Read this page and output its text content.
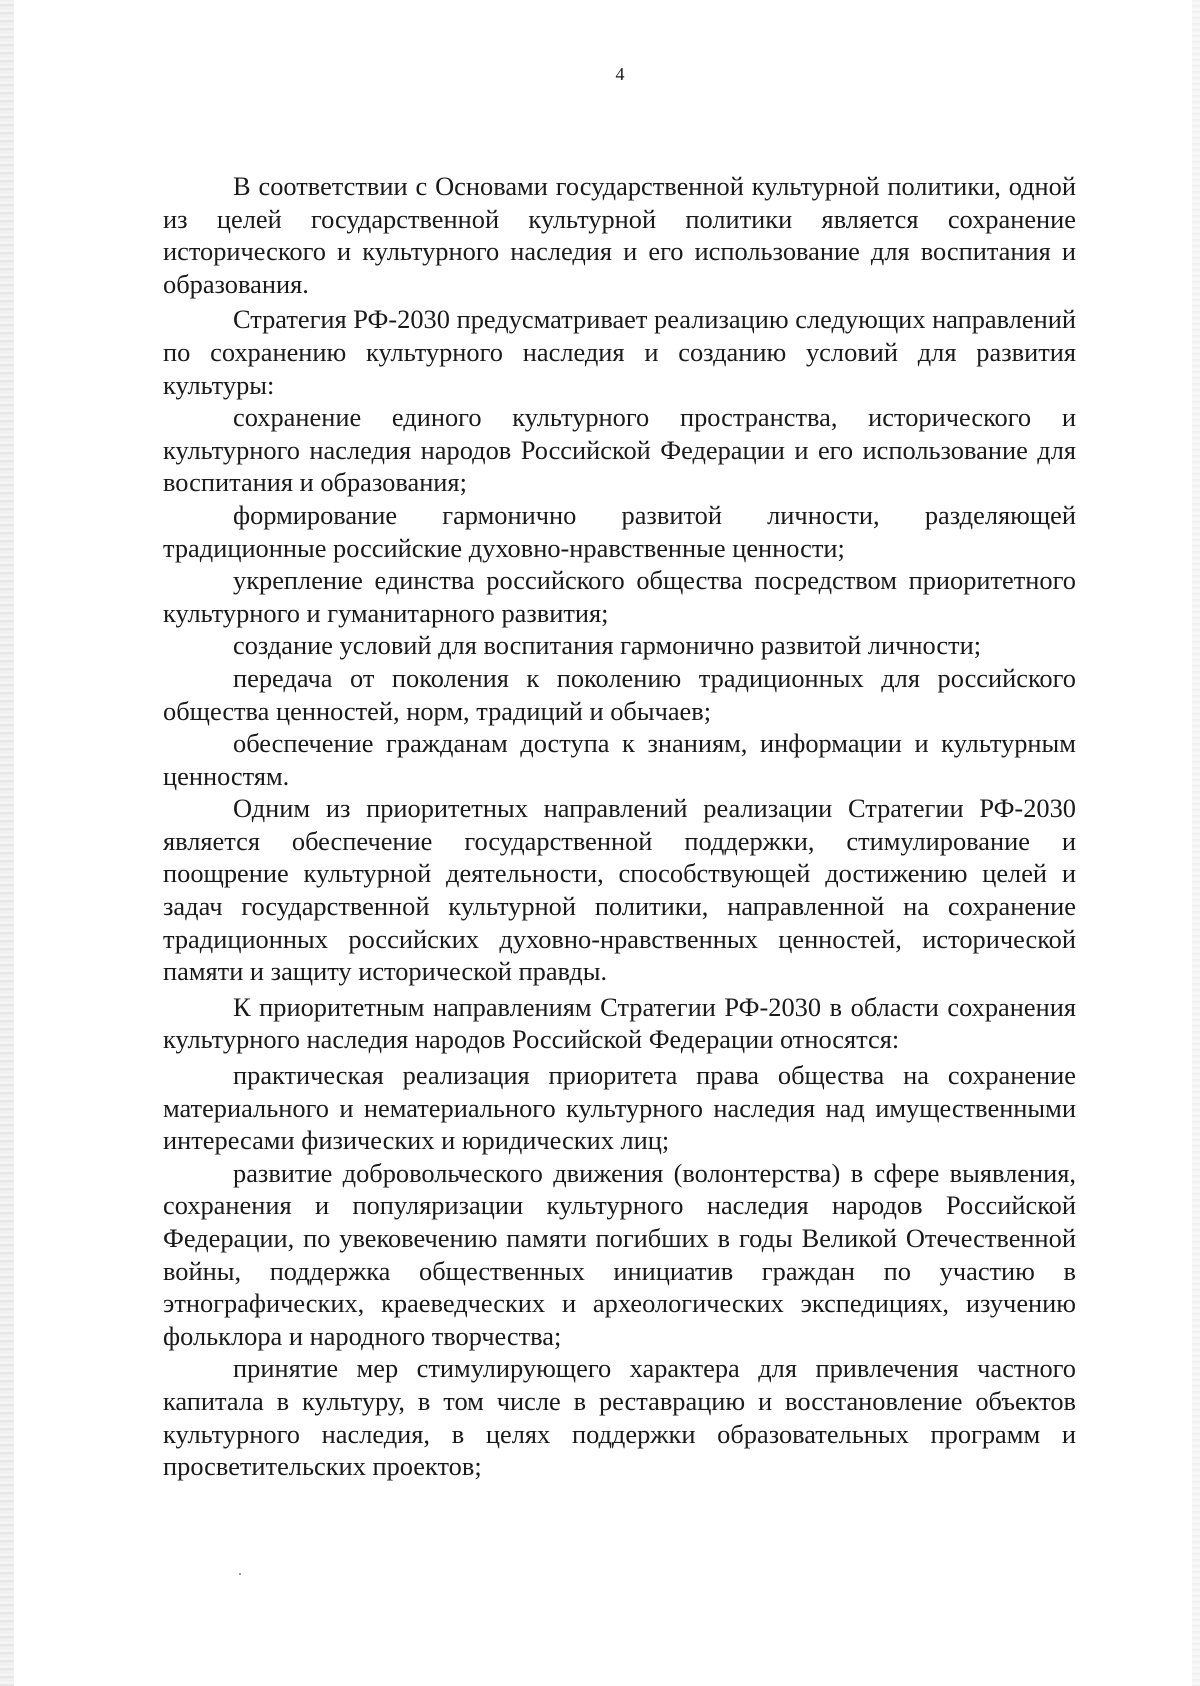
4

В соответствии с Основами государственной культурной политики, одной из целей государственной культурной политики является сохранение исторического и культурного наследия и его использование для воспитания и образования.

Стратегия РФ-2030 предусматривает реализацию следующих направлений по сохранению культурного наследия и созданию условий для развития культуры:

сохранение единого культурного пространства, исторического и культурного наследия народов Российской Федерации и его использование для воспитания и образования;

формирование гармонично развитой личности, разделяющей традиционные российские духовно-нравственные ценности;

укрепление единства российского общества посредством приоритетного культурного и гуманитарного развития;

создание условий для воспитания гармонично развитой личности;

передача от поколения к поколению традиционных для российского общества ценностей, норм, традиций и обычаев;

обеспечение гражданам доступа к знаниям, информации и культурным ценностям.

Одним из приоритетных направлений реализации Стратегии РФ-2030 является обеспечение государственной поддержки, стимулирование и поощрение культурной деятельности, способствующей достижению целей и задач государственной культурной политики, направленной на сохранение традиционных российских духовно-нравственных ценностей, исторической памяти и защиту исторической правды.

К приоритетным направлениям Стратегии РФ-2030 в области сохранения культурного наследия народов Российской Федерации относятся:

практическая реализация приоритета права общества на сохранение материального и нематериального культурного наследия над имущественными интересами физических и юридических лиц;

развитие добровольческого движения (волонтерства) в сфере выявления, сохранения и популяризации культурного наследия народов Российской Федерации, по увековечению памяти погибших в годы Великой Отечественной войны, поддержка общественных инициатив граждан по участию в этнографических, краеведческих и археологических экспедициях, изучению фольклора и народного творчества;

принятие мер стимулирующего характера для привлечения частного капитала в культуру, в том числе в реставрацию и восстановление объектов культурного наследия, в целях поддержки образовательных программ и просветительских проектов;
